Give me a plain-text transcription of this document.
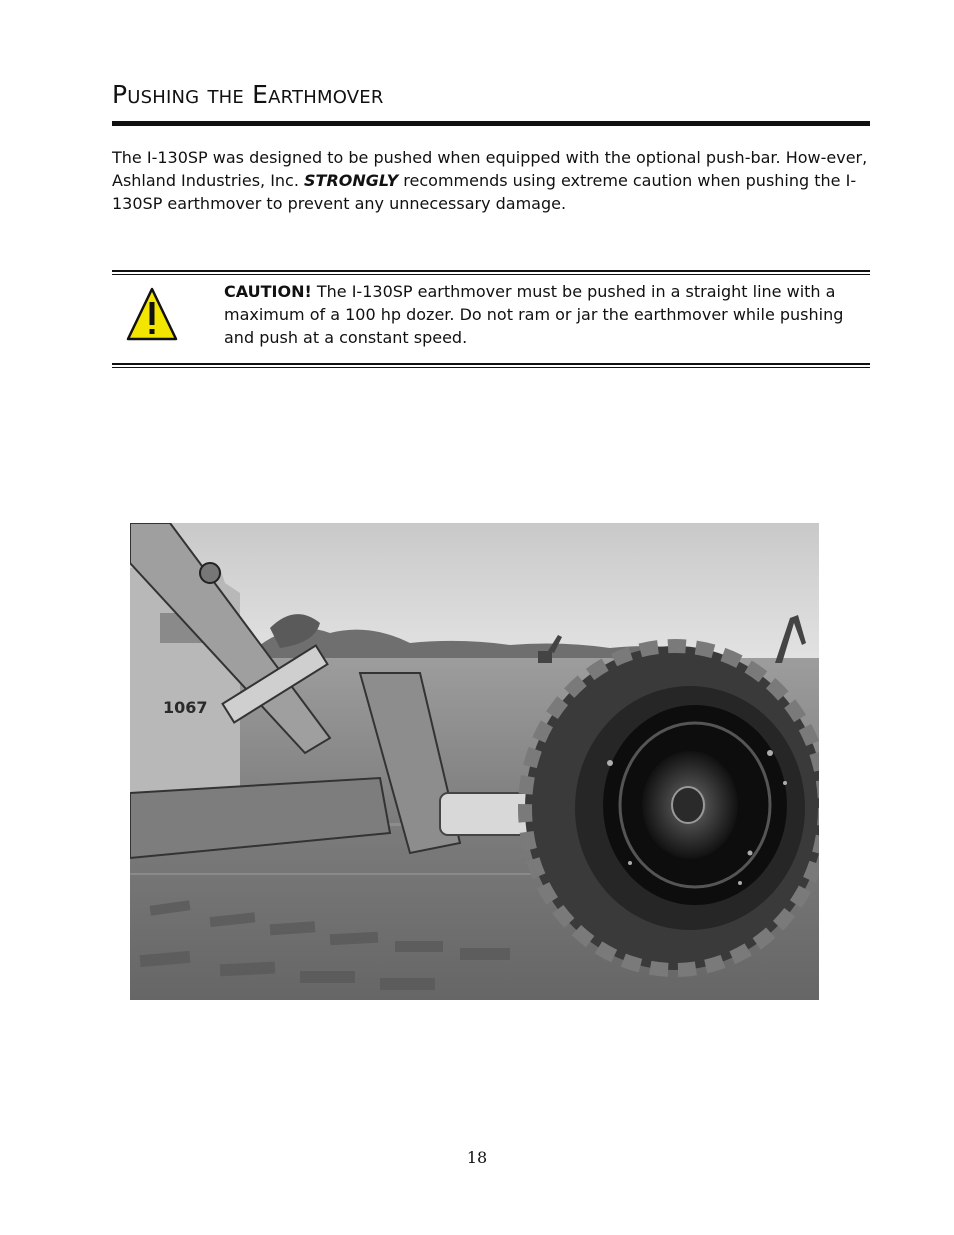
Pushing the Earthmover

The I-130SP was designed to be pushed when equipped with the optional push-bar. How-ever, Ashland Industries, Inc. STRONGLY recommends using extreme caution when pushing the I-130SP earthmover to prevent any unnecessary damage.

CAUTION! The I-130SP earthmover must be pushed in a straight line with a maximum of a 100 hp dozer. Do not ram or jar the earthmover while pushing and push at a constant speed.

1067
18
